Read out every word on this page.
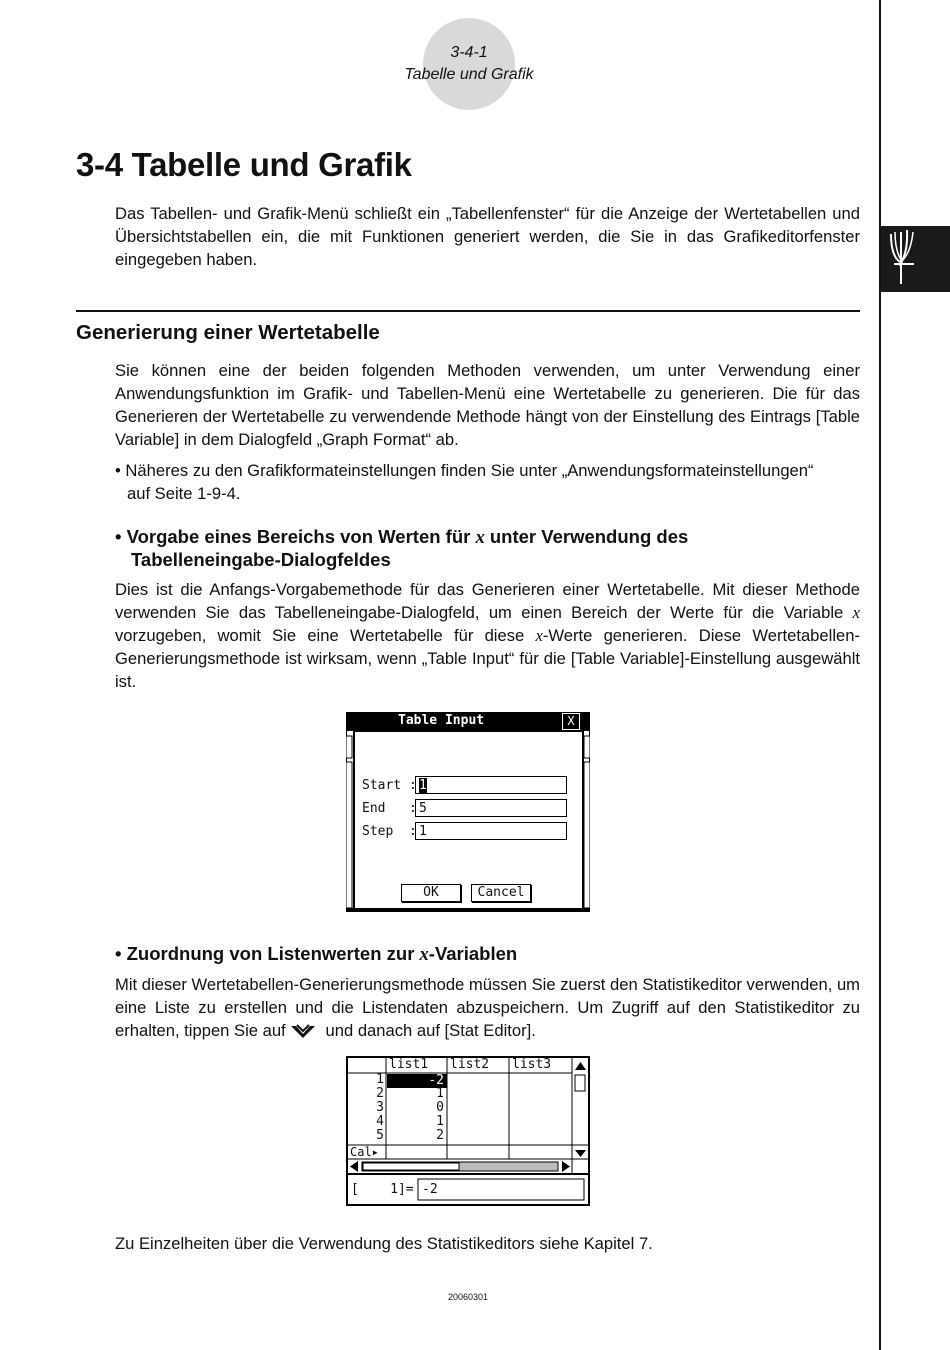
3-4-1
Tabelle und Grafik
3-4 Tabelle und Grafik
Das Tabellen- und Grafik-Menü schließt ein „Tabellenfenster“ für die Anzeige der Wertetabellen und Übersichtstabellen ein, die mit Funktionen generiert werden, die Sie in das Grafikeditorfenster eingegeben haben.
Generierung einer Wertetabelle
Sie können eine der beiden folgenden Methoden verwenden, um unter Verwendung einer Anwendungsfunktion im Grafik- und Tabellen-Menü eine Wertetabelle zu generieren. Die für das Generieren der Wertetabelle zu verwendende Methode hängt von der Einstellung des Eintrags [Table Variable] in dem Dialogfeld „Graph Format“ ab.
• Näheres zu den Grafikformateinstellungen finden Sie unter „Anwendungsformateinstellungen“
auf Seite 1-9-4.
• Vorgabe eines Bereichs von Werten für x unter Verwendung des
Tabelleneingabe-Dialogfeldes
Dies ist die Anfangs-Vorgabemethode für das Generieren einer Wertetabelle. Mit dieser Methode verwenden Sie das Tabelleneingabe-Dialogfeld, um einen Bereich der Werte für die Variable x vorzugeben, womit Sie eine Wertetabelle für diese x-Werte generieren. Diese Wertetabellen-Generierungsmethode ist wirksam, wenn „Table Input“ für die [Table Variable]-Einstellung ausgewählt ist.
Table Input	X
Start : 1
End   : 5
Step  : 1
OK	Cancel
• Zuordnung von Listenwerten zur x-Variablen
Mit dieser Wertetabellen-Generierungsmethode müssen Sie zuerst den Statistikeditor verwenden, um eine Liste zu erstellen und die Listendaten abzuspeichern. Um Zugriff auf den Statistikeditor zu erhalten, tippen Sie auf   und danach auf [Stat Editor].
list1 list2 list3
1
2
3
4
5
-2
1
0
1
2
Cal▸
[    1]= -2
Zu Einzelheiten über die Verwendung des Statistikeditors siehe Kapitel 7.
20060301
